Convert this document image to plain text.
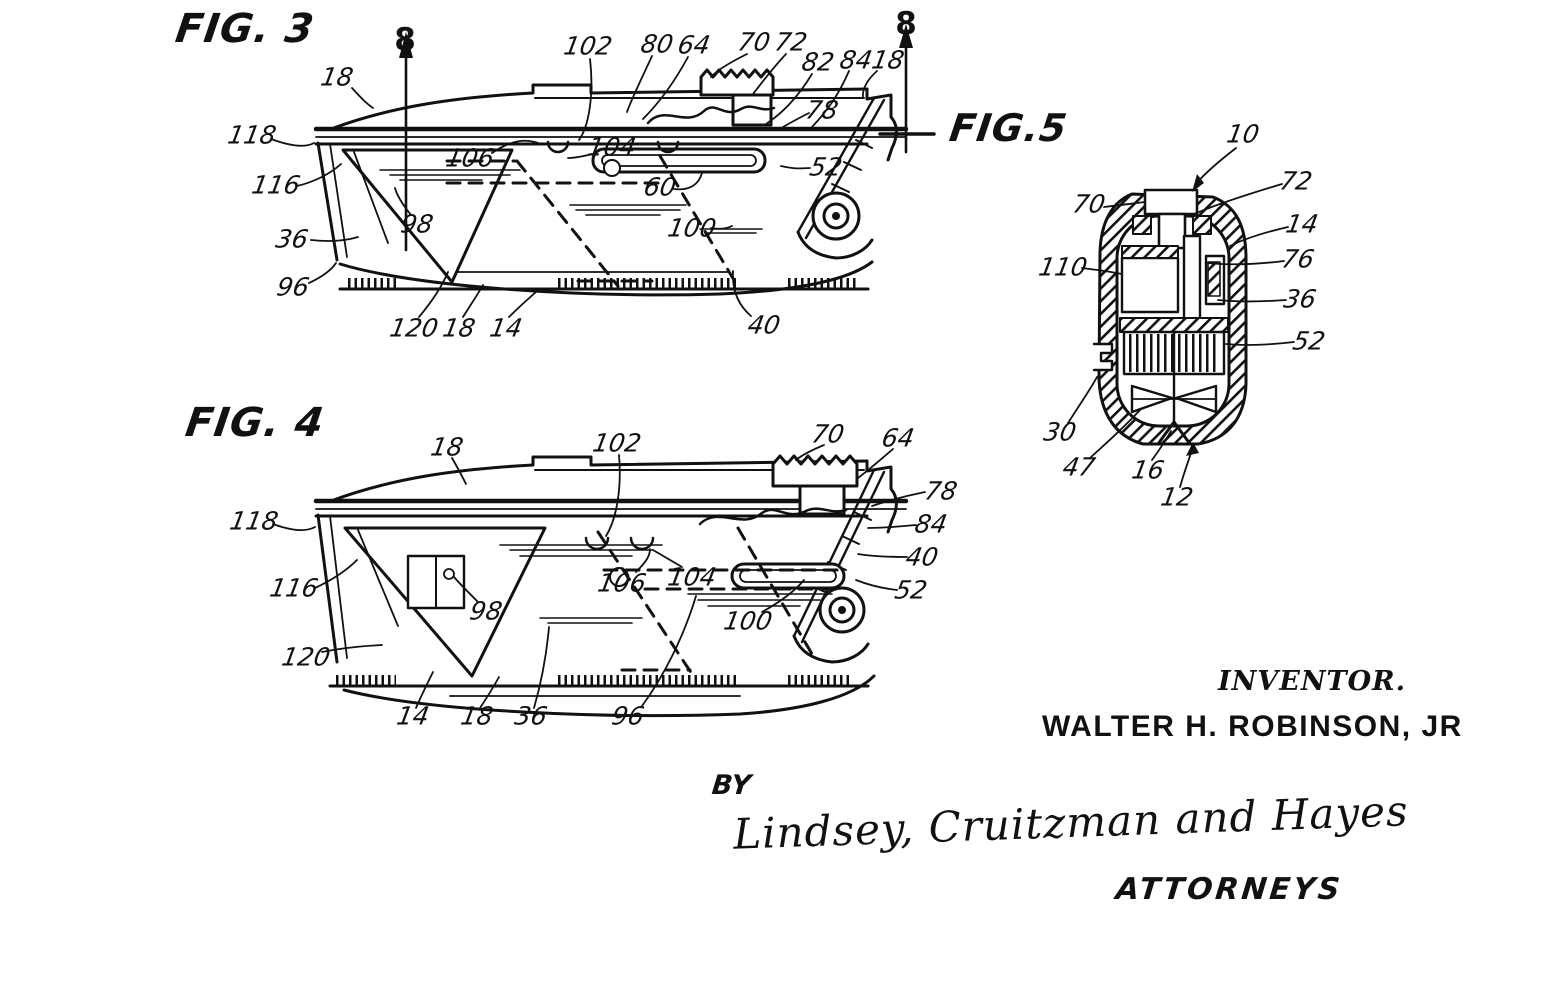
FIG. 3
FIG. 4
FIG.5
8	8
18
102 80 64 70 72
82 84
18
78
118
106	104
52
116	60
98
36	100
96
120 18 14	40
18	102	70 64
78
118	84
40
116	106 104	52
98	100
120
14 18 36 96
10
72
70
14
76
110
36
52
30
47 16
12
INVENTOR.
WALTER H. ROBINSON, JR
BY
Lindsey, Cruitzman and Hayes
ATTORNEYS
